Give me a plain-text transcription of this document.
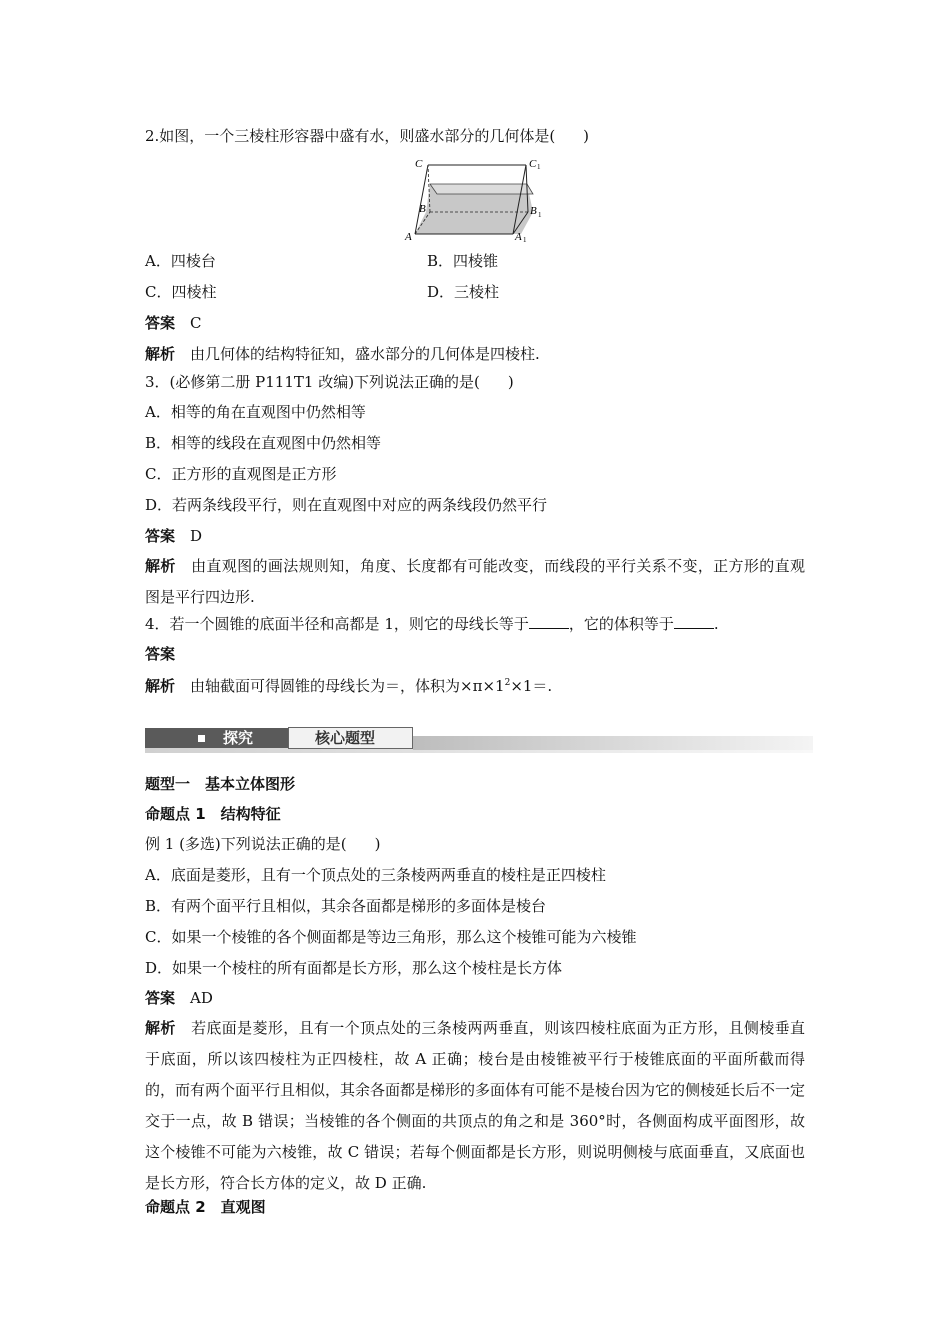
2.如图，一个三棱柱形容器中盛有水，则盛水部分的几何体是( )
C	C 1
B	B 1
A	A 1
A．四棱台	B．四棱锥
C．四棱柱	D．三棱柱
答案　 C
解析　 由几何体的结构特征知，盛水部分的几何体是四棱柱.
3．(必修第二册 P111T1 改编)下列说法正确的是( )
A．相等的角在直观图中仍然相等
B．相等的线段在直观图中仍然相等
C．正方形的直观图是正方形
D．若两条线段平行，则在直观图中对应的两条线段仍然平行
答案　 D
解析　 由直观图的画法规则知，角度、长度都有可能改变，而线段的平行关系不变，正方形的直观图是平行四边形.
4．若一个圆锥的底面半径和高都是 1，则它的母线长等于	，它的体积等于	.
答案
解析　 由轴截面可得圆锥的母线长为＝，体积为$\times\pi\times 1^2\times 1=$.
探究	核心题型
题型一　基本立体图形
命题点 1　结构特征
例 1 (多选)下列说法正确的是( )
A．底面是菱形，且有一个顶点处的三条棱两两垂直的棱柱是正四棱柱
B．有两个面平行且相似，其余各面都是梯形的多面体是棱台
C．如果一个棱锥的各个侧面都是等边三角形，那么这个棱锥可能为六棱锥
D．如果一个棱柱的所有面都是长方形，那么这个棱柱是长方体
答案　 AD
解析　 若底面是菱形，且有一个顶点处的三条棱两两垂直，则该四棱柱底面为正方形，且侧棱垂直于底面，所以该四棱柱为正四棱柱，故 A 正确；棱台是由棱锥被平行于棱锥底面的平面所截而得的，而有两个面平行且相似，其余各面都是梯形的多面体有可能不是棱台因为它的侧棱延长后不一定交于一点，故 B 错误；当棱锥的各个侧面的共顶点的角之和是 360°时，各侧面构成平面图形，故这个棱锥不可能为六棱锥，故 C 错误；若每个侧面都是长方形，则说明侧棱与底面垂直，又底面也是长方形，符合长方体的定义，故 D 正确.
命题点 2　直观图
